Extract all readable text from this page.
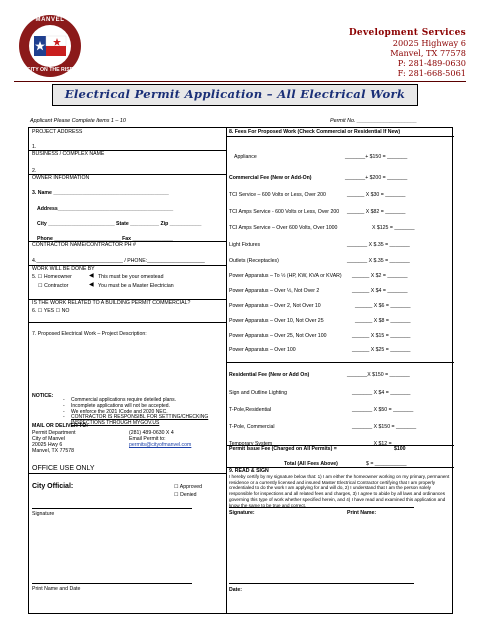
MANVEL
CITY ON THE RISE
Development Services
20025 Highway 6
Manvel, TX 77578
P: 281-489-0630
F: 281-668-5061
Electrical Permit Application – All Electrical Work
Applicant Please Complete Items 1 – 10	Permit No. ____________________
PROJECT ADDRESS
1.
BUSINESS / COMPLEX NAME
2.
OWNER INFORMATION
3. Name ________________________________________
Address________________________________________
City _______________________ State __________ Zip ___________
Phone _______________________ Fax ______________
CONTRACTOR NAME/CONTRACTOR PH #
4.______________________________ / PHONE:____________________
WORK WILL BE DONE BY
5. ☐ Homeowner	◀ This must be your omestead
☐ Contractor	◀ You must be a Master Electrician
IS THE WORK RELATED TO A BUILDING PERMIT COMMERCIAL?
6. ☐ YES ☐ NO
7. Proposed Electrical Work – Project Description:
NOTICE:
- Commercial applications require deteiled plans.
- Incomplete applications will not be accepted.
- We enforce the 2021 ICode and 2020 NEC.
- CONTRACTOR IS RESPONSIBL FOR SETTING/CHECKING INSPECTIONS THROUGH MYGOV.US
MAIL OR DELIVER TO:
Permit Department
City of Manvel
20025 Hwy 6
Manvel, TX 77578
(281) 489-0630 X 4
Email Permit to:
permits@cityofmanvel.com
OFFICE USE ONLY
City Official:	☐ Approved
☐ Denied
Signature
Print Name and Date
8. Fees For Proposed Work (Check Commercial or Residential If New)
Appliance	_______+ $150 = _______
Commercial Fee (New or Add-On)	_______+ $200 = _______
TCI Service – 600 Volts or Less, Over 200	______ X $30 = _______
TCI Amps Service - 600 Volts or Less, Over 200 ______ X $82 = _______
TCI Amps Service – Over 600 Volts, Over 1000	X $125 = _______
Light Fixtures	_______ X $.35 = _______
Outlets (Receptacles)	_______ X $.35 = _______
Power Apparatus – To ½ (HP, KW, KVA or KVAR) ______ X $2 = _______
Power Apparatus – Over ½, Not Over 2	______ X $4 = _______
Power Apparatus – Over 2, Not Over 10	______ X $6 = _______
Power Apparatus – Over 10, Not Over 25	______ X $8 = _______
Power Apparatus – Over 25, Not Over 100	______ X $15 = _______
Power Apparatus – Over 100	______ X $25 = _______
Residential Fee (New or Add On)	_______X $150 = _______
Sign and Outline Lighting	_______ X $4 = _______
T-Pole,Residential	_______ X $50 = _______
T-Pole, Commercial	_______ X $150 = _______
Temporary System	_______ X $12 = _______
Permit Issue Fee (Charged on All Permits) =	$100
Total (All Fees Above)	$ = ___________
9. READ & SIGN
I hereby certify by my signature below that: 1) I am either the homeowner working on my primary, permanent residence or a currently licensed and insured Master Electrical Contractor certifying that I am properly credentialed to do the work I am applying for and will do, 2) I understand that I am the person solely responsible for inspections and all related fees and charges, 3) I agree to abide by all laws and ordinances governing this type of work whether specified herein, and 4) I have read and examined this application and know the same to be true and correct.
Signature:	Print Name:
Date:
